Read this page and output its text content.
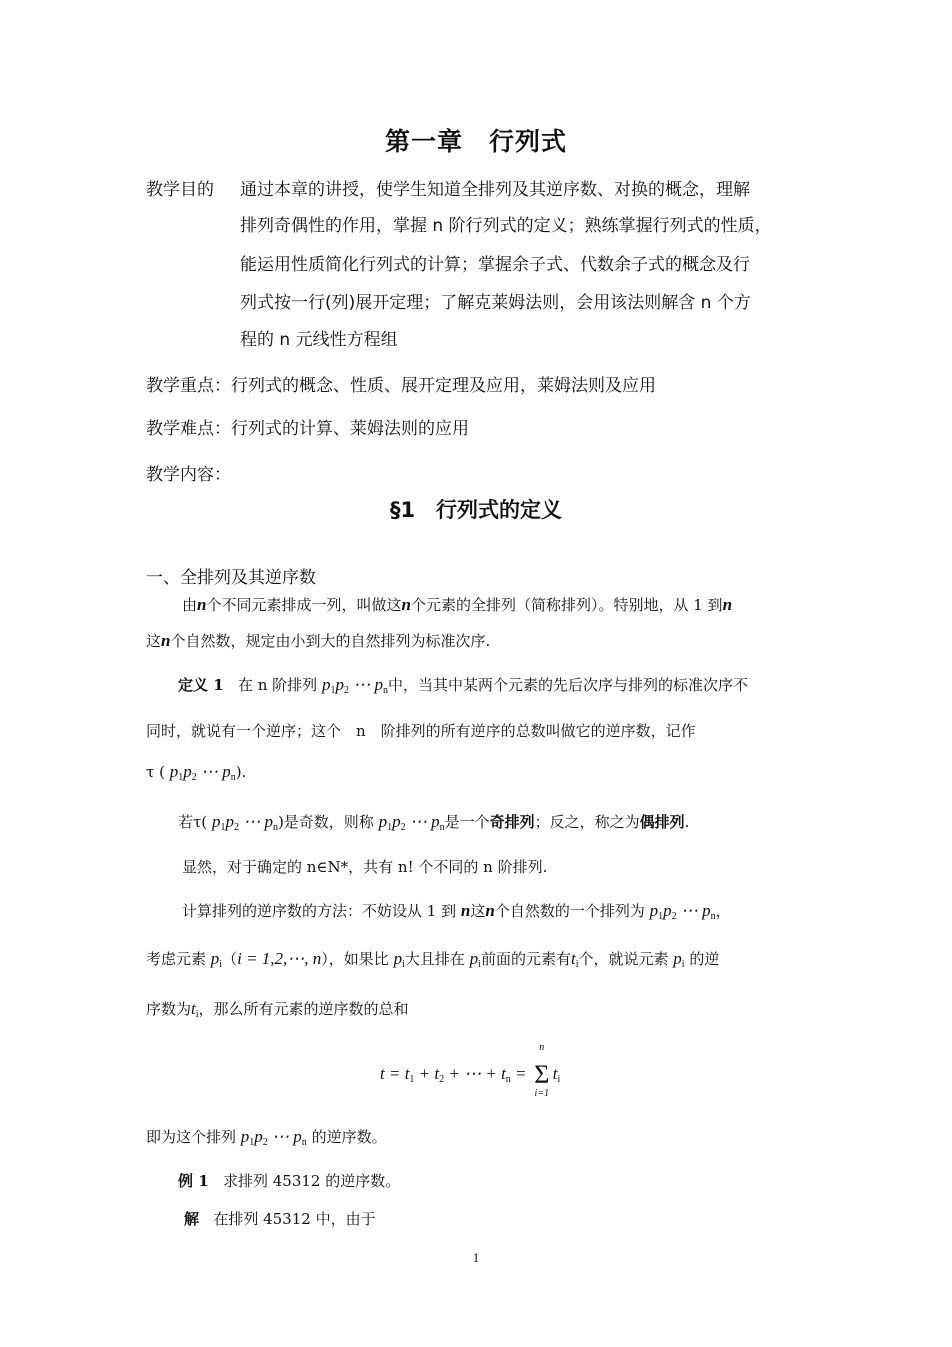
第一章　行列式
教学目的 通过本章的讲授，使学生知道全排列及其逆序数、对换的概念，理解
排列奇偶性的作用，掌握 n 阶行列式的定义；熟练掌握行列式的性质，
能运用性质简化行列式的计算；掌握余子式、代数余子式的概念及行
列式按一行(列)展开定理；了解克莱姆法则，会用该法则解含 n 个方
程的 n 元线性方程组
教学重点：行列式的概念、性质、展开定理及应用，莱姆法则及应用
教学难点：行列式的计算、莱姆法则的应用
教学内容：
§1　行列式的定义
一、全排列及其逆序数
由n个不同元素排成一列，叫做这n个元素的全排列（简称排列）。特别地，从 1 到n
这n个自然数，规定由小到大的自然排列为标准次序.
定义 1 在 n 阶排列 $p_1p_2$ ⋯ $p_n$中，当其中某两个元素的先后次序与排列的标准次序不
同时，就说有一个逆序；这个　n　阶排列的所有逆序的总数叫做它的逆序数，记作
τ ( $p_1p_2$ ⋯ $p_n$).
若τ( $p_1p_2$ ⋯ $p_n$)是奇数，则称 $p_1p_2$ ⋯ $p_n$是一个奇排列；反之，称之为偶排列.
显然，对于确定的 n∈N*，共有 n! 个不同的 n 阶排列.
计算排列的逆序数的方法：不妨设从 1 到 n这n个自然数的一个排列为 $p_1p_2$ ⋯ $p_n$，
考虑元素 $p_i(i$ = 1,2,⋯, n），如果比 $p_i$大且排在 $p_i$前面的元素有$t_i$个，就说元素 $p_i$ 的逆
序数为$t_i$，那么所有元素的逆序数的总和
$t = t_1 + t_2$ + ⋯ + $t_n$ =
n
Σ
i=1
$t_i$
即为这个排列 $p_1p_2$ ⋯ $p_n$ 的逆序数。
例 1 求排列 45312 的逆序数。
解 在排列 45312 中，由于
1
